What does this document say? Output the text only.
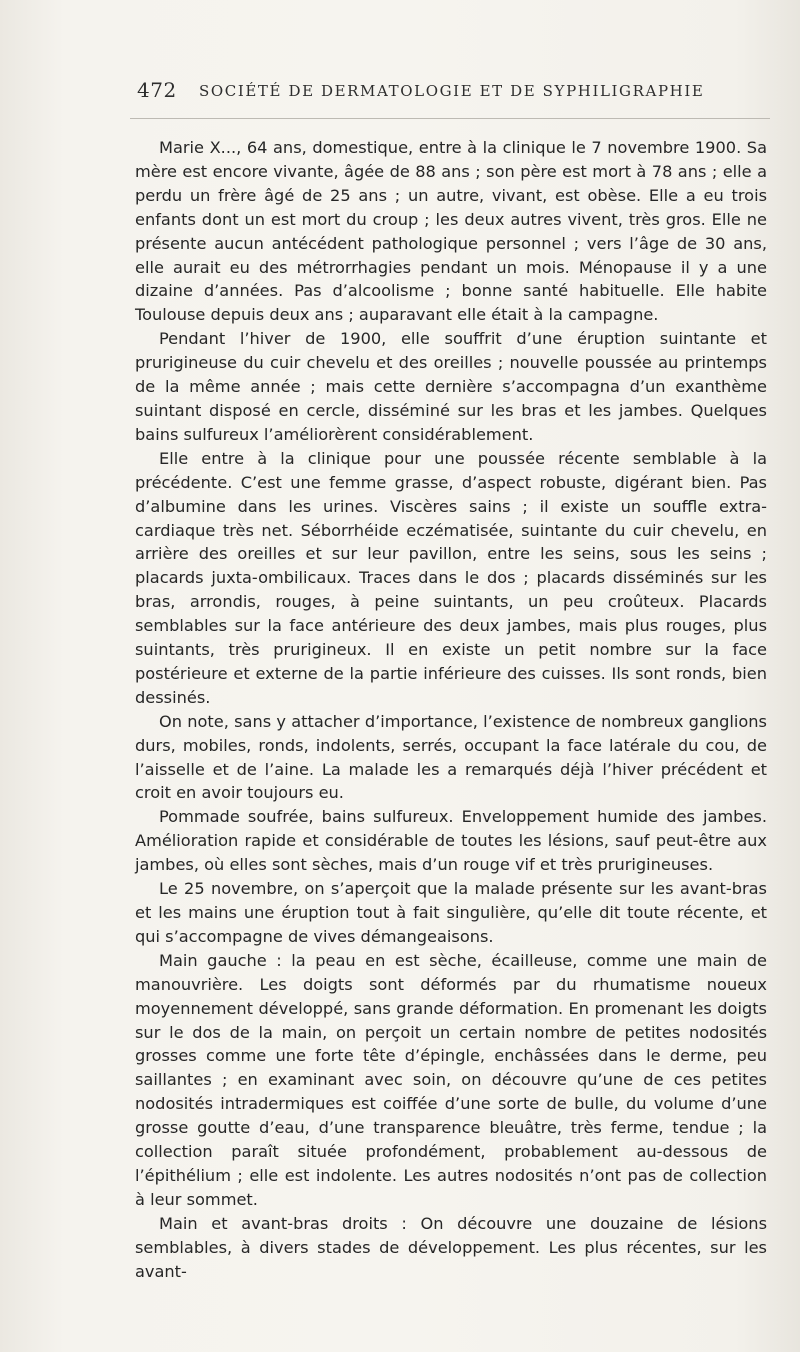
472 SOCIÉTÉ DE DERMATOLOGIE ET DE SYPHILIGRAPHIE

Marie X..., 64 ans, domestique, entre à la clinique le 7 novembre 1900. Sa mère est encore vivante, âgée de 88 ans ; son père est mort à 78 ans ; elle a perdu un frère âgé de 25 ans ; un autre, vivant, est obèse. Elle a eu trois enfants dont un est mort du croup ; les deux autres vivent, très gros. Elle ne présente aucun antécédent pathologique personnel ; vers l’âge de 30 ans, elle aurait eu des métrorrhagies pendant un mois. Ménopause il y a une dizaine d’années. Pas d’alcoolisme ; bonne santé habituelle. Elle habite Toulouse depuis deux ans ; auparavant elle était à la campagne.

Pendant l’hiver de 1900, elle souffrit d’une éruption suintante et prurigineuse du cuir chevelu et des oreilles ; nouvelle poussée au printemps de la même année ; mais cette dernière s’accompagna d’un exanthème suintant disposé en cercle, disséminé sur les bras et les jambes. Quelques bains sulfureux l’améliorèrent considérablement.

Elle entre à la clinique pour une poussée récente semblable à la précédente. C’est une femme grasse, d’aspect robuste, digérant bien. Pas d’albumine dans les urines. Viscères sains ; il existe un souffle extra-cardiaque très net. Séborrhéide eczématisée, suintante du cuir chevelu, en arrière des oreilles et sur leur pavillon, entre les seins, sous les seins ; placards juxta-ombilicaux. Traces dans le dos ; placards disséminés sur les bras, arrondis, rouges, à peine suintants, un peu croûteux. Placards semblables sur la face antérieure des deux jambes, mais plus rouges, plus suintants, très prurigineux. Il en existe un petit nombre sur la face postérieure et externe de la partie inférieure des cuisses. Ils sont ronds, bien dessinés.

On note, sans y attacher d’importance, l’existence de nombreux ganglions durs, mobiles, ronds, indolents, serrés, occupant la face latérale du cou, de l’aisselle et de l’aine. La malade les a remarqués déjà l’hiver précédent et croit en avoir toujours eu.

Pommade soufrée, bains sulfureux. Enveloppement humide des jambes. Amélioration rapide et considérable de toutes les lésions, sauf peut-être aux jambes, où elles sont sèches, mais d’un rouge vif et très prurigineuses.

Le 25 novembre, on s’aperçoit que la malade présente sur les avant-bras et les mains une éruption tout à fait singulière, qu’elle dit toute récente, et qui s’accompagne de vives démangeaisons.

Main gauche : la peau en est sèche, écailleuse, comme une main de manouvrière. Les doigts sont déformés par du rhumatisme noueux moyennement développé, sans grande déformation. En promenant les doigts sur le dos de la main, on perçoit un certain nombre de petites nodosités grosses comme une forte tête d’épingle, enchâssées dans le derme, peu saillantes ; en examinant avec soin, on découvre qu’une de ces petites nodosités intradermiques est coiffée d’une sorte de bulle, du volume d’une grosse goutte d’eau, d’une transparence bleuâtre, très ferme, tendue ; la collection paraît située profondément, probablement au-dessous de l’épithélium ; elle est indolente. Les autres nodosités n’ont pas de collection à leur sommet.

Main et avant-bras droits : On découvre une douzaine de lésions semblables, à divers stades de développement. Les plus récentes, sur les avant-
